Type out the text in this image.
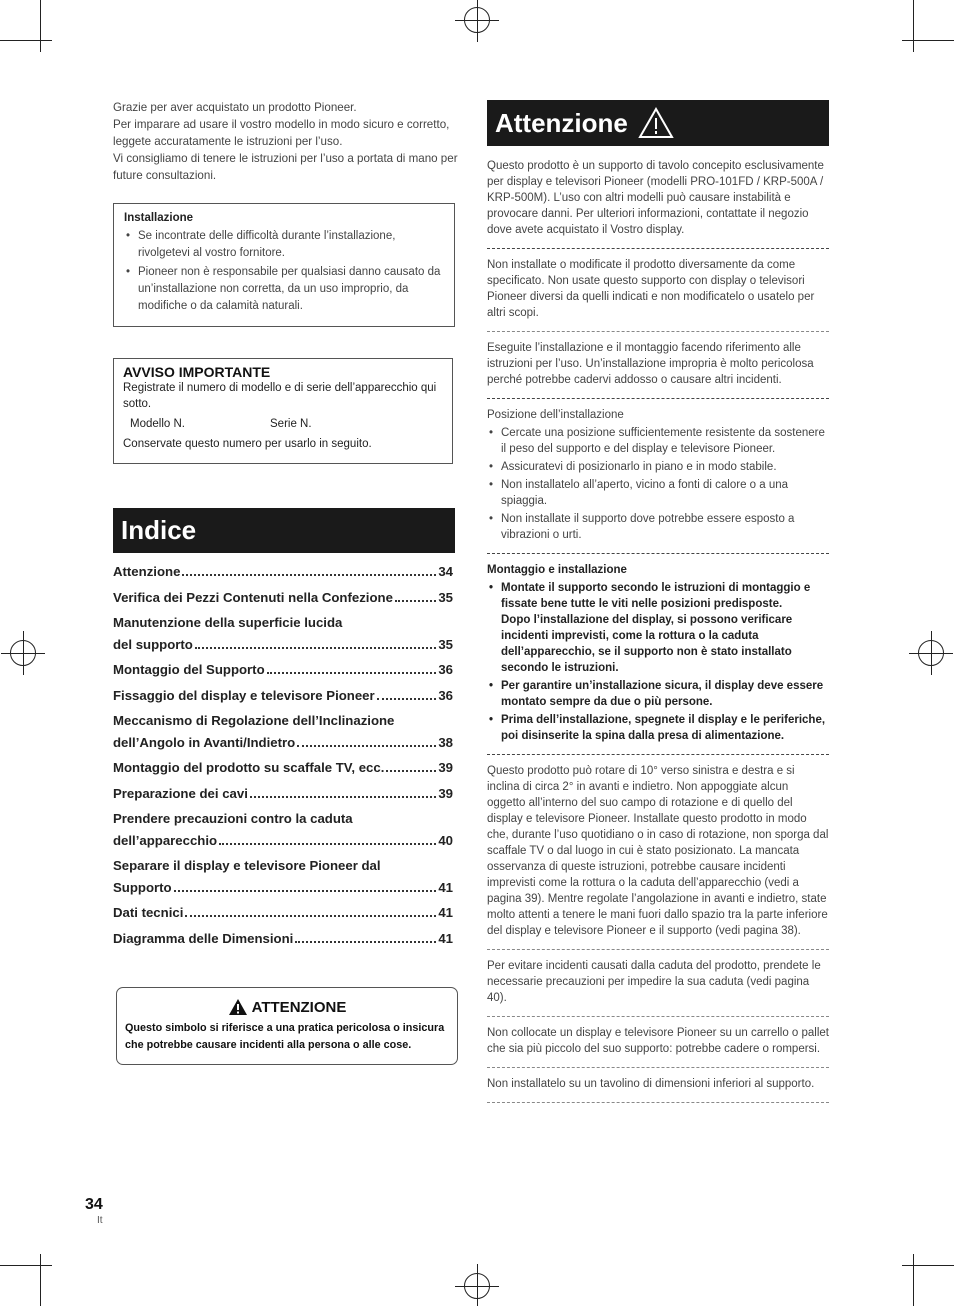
Grazie per aver acquistato un prodotto Pioneer.

Per imparare ad usare il vostro modello in modo sicuro e corretto, leggete accuratamente le istruzioni per l’uso.

Vi consigliamo di tenere le istruzioni per l’uso a portata di mano per future consultazioni.

Installazione
• Se incontrate delle difficoltà durante l’installazione, rivolgetevi al vostro fornitore.
• Pioneer non è responsabile per qualsiasi danno causato da un’installazione non corretta, da un uso improprio, da modifiche o da calamità naturali.
AVVISO IMPORTANTE
Registrate il numero di modello e di serie dell’apparecchio qui sotto.
Modello N.	Serie N.
Conservate questo numero per usarlo in seguito.
Indice
Attenzione	34
Verifica dei Pezzi Contenuti nella Confezione	35
Manutenzione della superficie lucida
del supporto	35
Montaggio del Supporto	36
Fissaggio del display e televisore Pioneer	36
Meccanismo di Regolazione dell’Inclinazione
dell’Angolo in Avanti/Indietro	38
Montaggio del prodotto su scaffale TV, ecc.	39
Preparazione dei cavi	39
Prendere precauzioni contro la caduta
dell’apparecchio	40
Separare il display e televisore Pioneer dal
Supporto	41
Dati tecnici	41
Diagramma delle Dimensioni	41
ATTENZIONE
Questo simbolo si riferisce a una pratica pericolosa o insicura che potrebbe causare incidenti alla persona o alle cose.
Attenzione
Questo prodotto è un supporto di tavolo concepito esclusivamente per display e televisori Pioneer (modelli PRO-101FD / KRP-500A / KRP-500M). L’uso con altri modelli può causare instabilità e provocare danni. Per ulteriori informazioni, contattate il negozio dove avete acquistato il Vostro display.
Non installate o modificate il prodotto diversamente da come specificato. Non usate questo supporto con display o televisori Pioneer diversi da quelli indicati e non modificatelo o usatelo per altri scopi.
Eseguite l’installazione e il montaggio facendo riferimento alle istruzioni per l’uso. Un’installazione impropria è molto pericolosa perché potrebbe cadervi addosso o causare altri incidenti.
Posizione dell’installazione
• Cercate una posizione sufficientemente resistente da sostenere il peso del supporto e del display e televisore Pioneer.
• Assicuratevi di posizionarlo in piano e in modo stabile.
• Non installatelo all’aperto, vicino a fonti di calore o a una spiaggia.
• Non installate il supporto dove potrebbe essere esposto a vibrazioni o urti.
Montaggio e installazione
• Montate il supporto secondo le istruzioni di montaggio e fissate bene tutte le viti nelle posizioni predisposte.
Dopo l’installazione del display, si possono verificare incidenti imprevisti, come la rottura o la caduta dell’apparecchio, se il supporto non è stato installato secondo le istruzioni.
• Per garantire un’installazione sicura, il display deve essere montato sempre da due o più persone.
• Prima dell’installazione, spegnete il display e le periferiche, poi disinserite la spina dalla presa di alimentazione.
Questo prodotto può rotare di 10° verso sinistra e destra e si inclina di circa 2° in avanti e indietro. Non appoggiate alcun oggetto all’interno del suo campo di rotazione e di quello del display e televisore Pioneer. Installate questo prodotto in modo che, durante l’uso quotidiano o in caso di rotazione, non sporga dal scaffale TV o dal luogo in cui è stato posizionato. La mancata osservanza di queste istruzioni, potrebbe causare incidenti imprevisti come la rottura o la caduta dell’apparecchio (vedi a pagina 39). Mentre regolate l’angolazione in avanti e indietro, state molto attenti a tenere le mani fuori dallo spazio tra la parte inferiore del display e televisore Pioneer e il supporto (vedi pagina 38).
Per evitare incidenti causati dalla caduta del prodotto, prendete le necessarie precauzioni per impedire la sua caduta (vedi pagina 40).
Non collocate un display e televisore Pioneer su un carrello o pallet che sia più piccolo del suo supporto: potrebbe cadere o rompersi.
Non installatelo su un tavolino di dimensioni inferiori al supporto.
34
It
